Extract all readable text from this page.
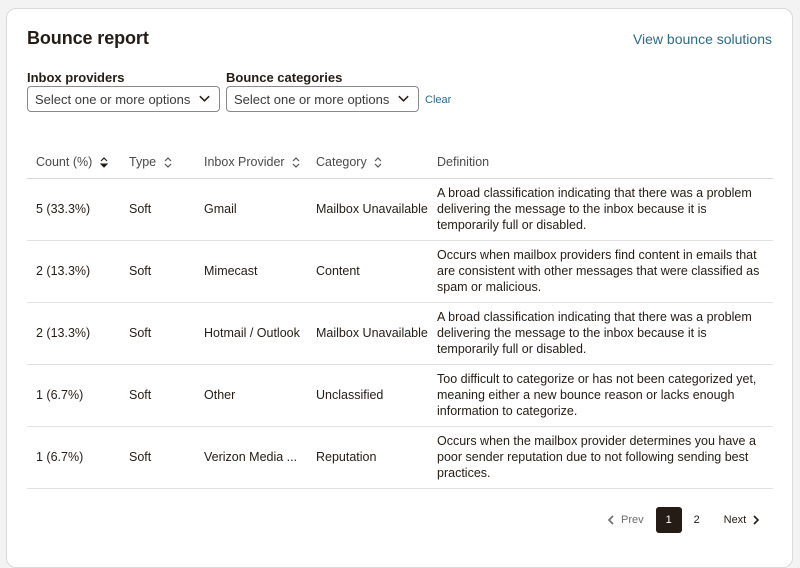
Bounce report	View bounce solutions
Inbox providers
Select one or more options
Bounce categories
Select one or more options	Clear
Count (%)	Type	Inbox Provider	Category	Definition
5 (33.3%)	Soft	Gmail	Mailbox Unavailable	A broad classification indicating that there was a problem delivering the message to the inbox because it is temporarily full or disabled.
2 (13.3%)	Soft	Mimecast	Content	Occurs when mailbox providers find content in emails that are consistent with other messages that were classified as spam or malicious.
2 (13.3%)	Soft	Hotmail / Outlook	Mailbox Unavailable	A broad classification indicating that there was a problem delivering the message to the inbox because it is temporarily full or disabled.
1 (6.7%)	Soft	Other	Unclassified	Too difficult to categorize or has not been categorized yet, meaning either a new bounce reason or lacks enough information to categorize.
1 (6.7%)	Soft	Verizon Media ...	Reputation	Occurs when the mailbox provider determines you have a poor sender reputation due to not following sending best practices.
Prev	1	2	Next
